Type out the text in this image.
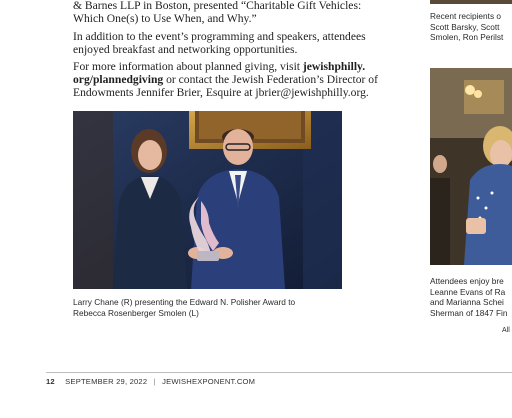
& Barnes LLP in Boston, presented “Charitable Gift Vehicles:
Which One(s) to Use When, and Why.”
In addition to the event’s programming and speakers, attendees
enjoyed breakfast and networking opportunities.
For more information about planned giving, visit jewishphilly.
org/plannedgiving or contact the Jewish Federation’s Director of
Endowments Jennifer Brier, Esquire at jbrier@jewishphilly.org.

Larry Chane (R) presenting the Edward N. Polisher Award to
Rebecca Rosenberger Smolen (L)

Recent recipients o
Scott Barsky, Scott
Smolen, Ron Perilst

Attendees enjoy bre
Leanne Evans of Ra
and Marianna Schei
Sherman of 1847 Fin

All

12 SEPTEMBER 29, 2022 | JEWISHEXPONENT.COM
